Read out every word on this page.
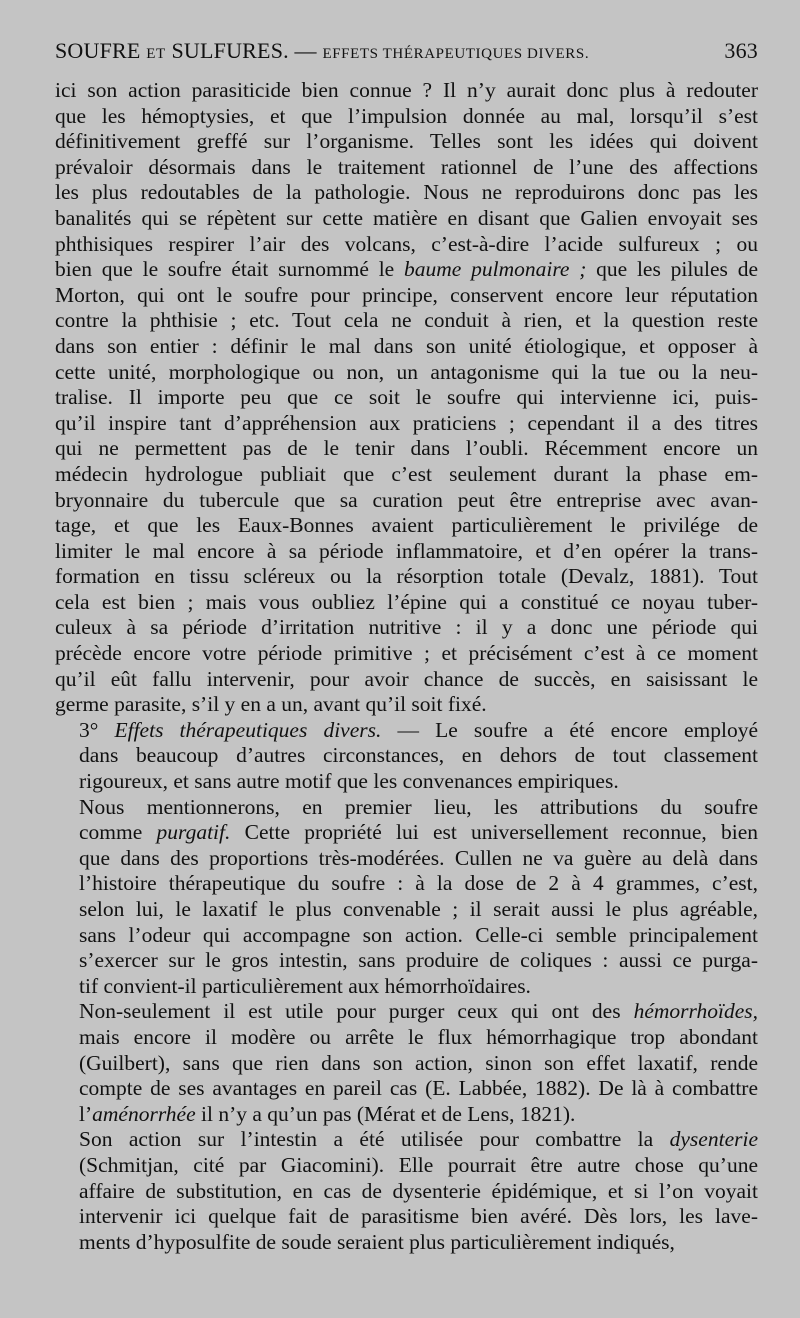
SOUFRE ET SULFURES. — EFFETS THÉRAPEUTIQUES DIVERS.	363

ici son action parasiticide bien connue ? Il n’y aurait donc plus à redouter
que les hémoptysies, et que l’impulsion donnée au mal, lorsqu’il s’est
définitivement greffé sur l’organisme. Telles sont les idées qui doivent
prévaloir désormais dans le traitement rationnel de l’une des affections
les plus redoutables de la pathologie. Nous ne reproduirons donc pas les
banalités qui se répètent sur cette matière en disant que Galien envoyait ses
phthisiques respirer l’air des volcans, c’est-à-dire l’acide sulfureux ; ou
bien que le soufre était surnommé le baume pulmonaire ; que les pilules de
Morton, qui ont le soufre pour principe, conservent encore leur réputation
contre la phthisie ; etc. Tout cela ne conduit à rien, et la question reste
dans son entier : définir le mal dans son unité étiologique, et opposer à
cette unité, morphologique ou non, un antagonisme qui la tue ou la neu-
tralise. Il importe peu que ce soit le soufre qui intervienne ici, puis-
qu’il inspire tant d’appréhension aux praticiens ; cependant il a des titres
qui ne permettent pas de le tenir dans l’oubli. Récemment encore un
médecin hydrologue publiait que c’est seulement durant la phase em-
bryonnaire du tubercule que sa curation peut être entreprise avec avan-
tage, et que les Eaux-Bonnes avaient particulièrement le privilége de
limiter le mal encore à sa période inflammatoire, et d’en opérer la trans-
formation en tissu scléreux ou la résorption totale (Devalz, 1881). Tout
cela est bien ; mais vous oubliez l’épine qui a constitué ce noyau tuber-
culeux à sa période d’irritation nutritive : il y a donc une période qui
précède encore votre période primitive ; et précisément c’est à ce moment
qu’il eût fallu intervenir, pour avoir chance de succès, en saisissant le
germe parasite, s’il y en a un, avant qu’il soit fixé.

3° Effets thérapeutiques divers. — Le soufre a été encore employé
dans beaucoup d’autres circonstances, en dehors de tout classement
rigoureux, et sans autre motif que les convenances empiriques.

Nous mentionnerons, en premier lieu, les attributions du soufre
comme purgatif. Cette propriété lui est universellement reconnue, bien
que dans des proportions très-modérées. Cullen ne va guère au delà dans
l’histoire thérapeutique du soufre : à la dose de 2 à 4 grammes, c’est,
selon lui, le laxatif le plus convenable ; il serait aussi le plus agréable,
sans l’odeur qui accompagne son action. Celle-ci semble principalement
s’exercer sur le gros intestin, sans produire de coliques : aussi ce purga-
tif convient-il particulièrement aux hémorrhoïdaires.

Non-seulement il est utile pour purger ceux qui ont des hémorrhoïdes,
mais encore il modère ou arrête le flux hémorrhagique trop abondant
(Guilbert), sans que rien dans son action, sinon son effet laxatif, rende
compte de ses avantages en pareil cas (E. Labbée, 1882). De là à combattre
l’aménorrhée il n’y a qu’un pas (Mérat et de Lens, 1821).

Son action sur l’intestin a été utilisée pour combattre la dysenterie
(Schmitjan, cité par Giacomini). Elle pourrait être autre chose qu’une
affaire de substitution, en cas de dysenterie épidémique, et si l’on voyait
intervenir ici quelque fait de parasitisme bien avéré. Dès lors, les lave-
ments d’hyposulfite de soude seraient plus particulièrement indiqués,
